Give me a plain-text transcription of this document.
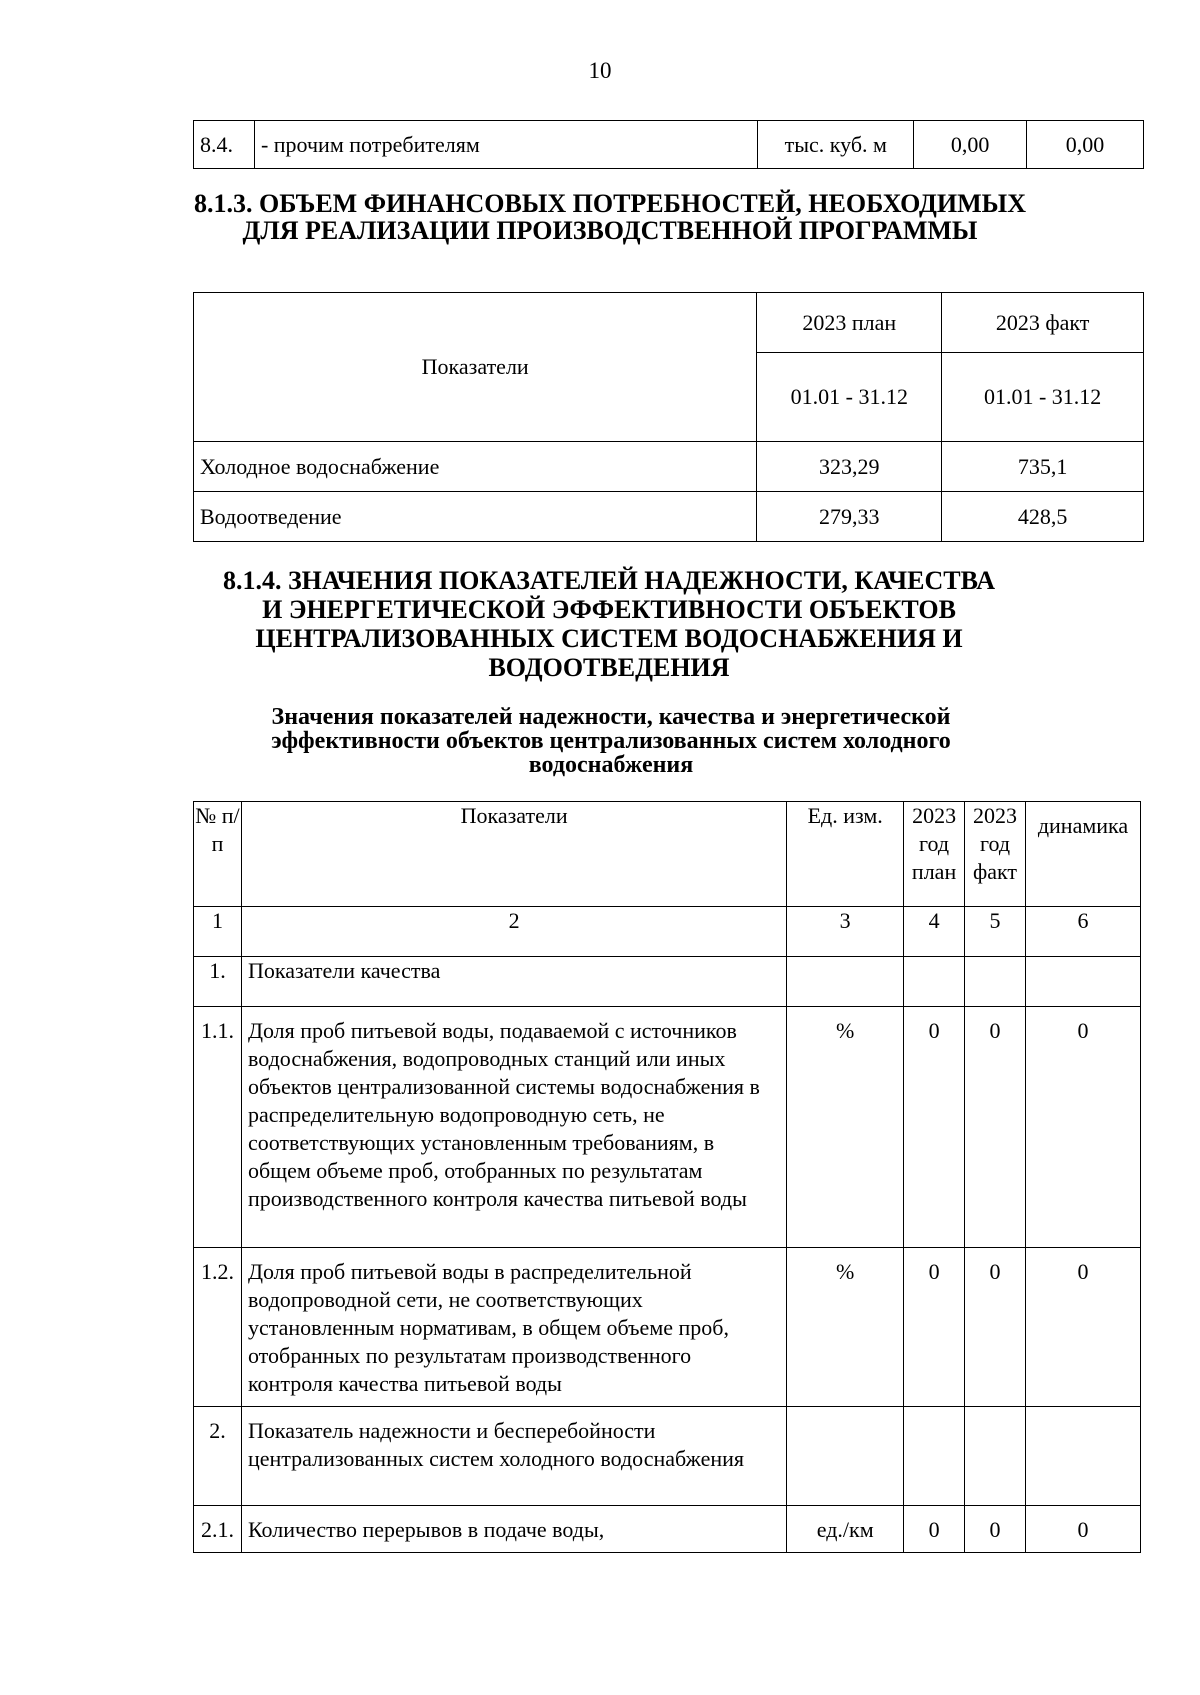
10
8.4.	- прочим потребителям	тыс. куб. м	0,00	0,00
8.1.3. ОБЪЕМ ФИНАНСОВЫХ ПОТРЕБНОСТЕЙ, НЕОБХОДИМЫХ
ДЛЯ РЕАЛИЗАЦИИ ПРОИЗВОДСТВЕННОЙ ПРОГРАММЫ
Показатели	2023 план	2023 факт
	01.01 - 31.12	01.01 - 31.12
Холодное водоснабжение	323,29	735,1
Водоотведение	279,33	428,5
8.1.4. ЗНАЧЕНИЯ ПОКАЗАТЕЛЕЙ НАДЕЖНОСТИ, КАЧЕСТВА
И ЭНЕРГЕТИЧЕСКОЙ ЭФФЕКТИВНОСТИ ОБЪЕКТОВ
ЦЕНТРАЛИЗОВАННЫХ СИСТЕМ ВОДОСНАБЖЕНИЯ И
ВОДООТВЕДЕНИЯ
Значения показателей надежности, качества и энергетической
эффективности объектов централизованных систем холодного
водоснабжения
№ п/п	Показатели	Ед. изм.	2023 год план	2023 год факт	динамика
1	2	3	4	5	6
1.	Показатели качества				
1.1.	Доля проб питьевой воды, подаваемой с источников водоснабжения, водопроводных станций или иных объектов централизованной системы водоснабжения в распределительную водопроводную сеть, не соответствующих установленным требованиям, в общем объеме проб, отобранных по результатам производственного контроля качества питьевой воды	%	0	0	0
1.2.	Доля проб питьевой воды в распределительной водопроводной сети, не соответствующих установленным нормативам, в общем объеме проб, отобранных по результатам производственного контроля качества питьевой воды	%	0	0	0
2.	Показатель надежности и бесперебойности централизованных систем холодного водоснабжения				
2.1.	Количество перерывов в подаче воды,	ед./км	0	0	0
